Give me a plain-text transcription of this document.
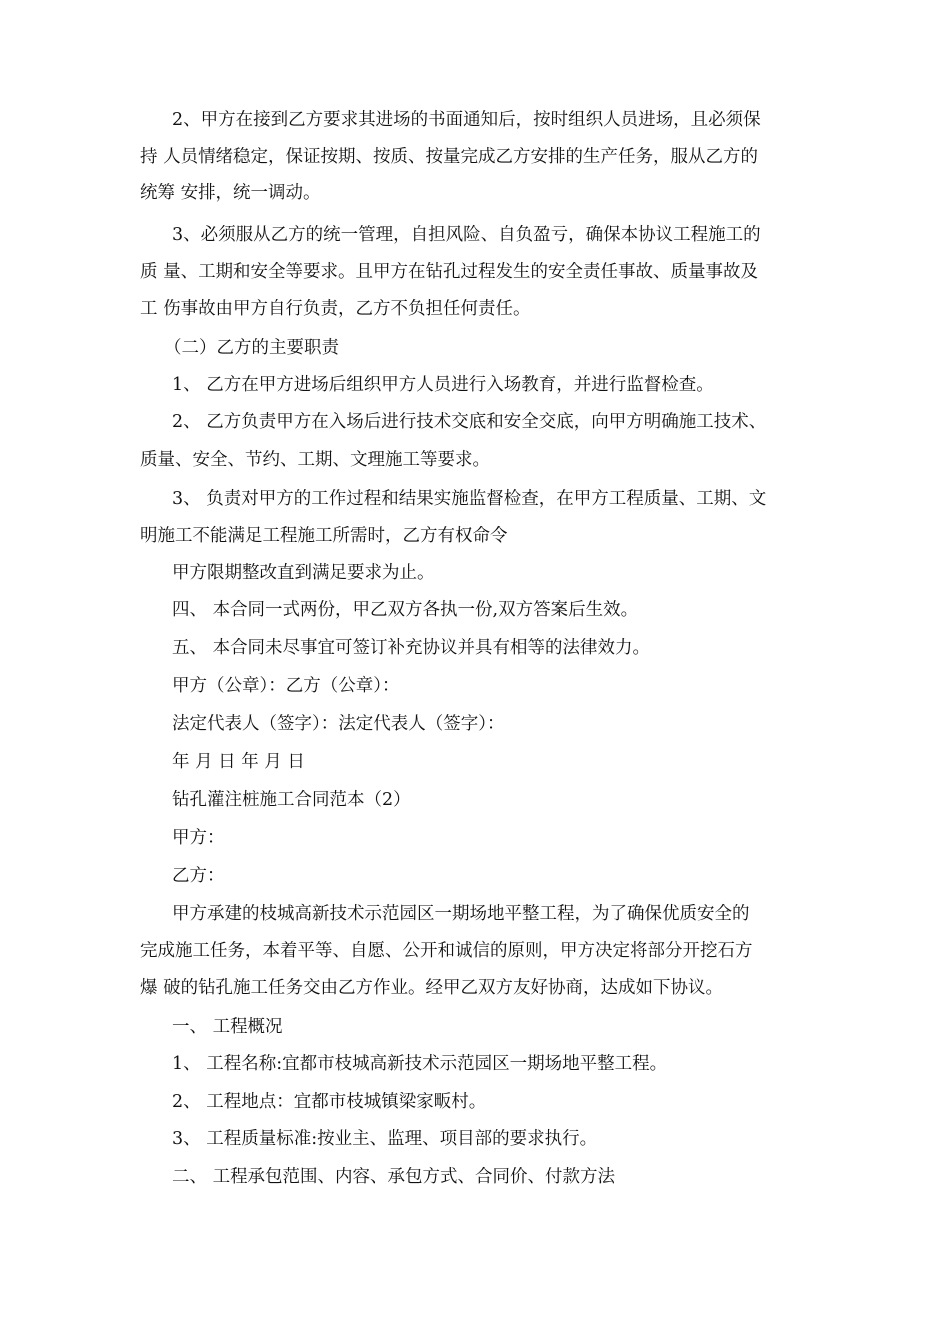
2、甲方在接到乙方要求其进场的书面通知后，按时组织人员进场，且必须保
持 人员情绪稳定，保证按期、按质、按量完成乙方安排的生产任务，服从乙方的
统筹 安排，统一调动。
3、必须服从乙方的统一管理，自担风险、自负盈亏，确保本协议工程施工的
质 量、工期和安全等要求。且甲方在钻孔过程发生的安全责任事故、质量事故及
工 伤事故由甲方自行负责，乙方不负担任何责任。
（二）乙方的主要职责
1、 乙方在甲方进场后组织甲方人员进行入场教育，并进行监督检查。
2、 乙方负责甲方在入场后进行技术交底和安全交底，向甲方明确施工技术、
质量、安全、节约、工期、文理施工等要求。
3、 负责对甲方的工作过程和结果实施监督检查，在甲方工程质量、工期、文
明施工不能满足工程施工所需时，乙方有权命令
甲方限期整改直到满足要求为止。
四、 本合同一式两份，甲乙双方各执一份,双方答案后生效。
五、 本合同未尽事宜可签订补充协议并具有相等的法律效力。
甲方（公章）：乙方（公章）：
法定代表人（签字）：法定代表人（签字）：
年 月 日 年 月 日
钻孔灌注桩施工合同范本（2）
甲方：
乙方：
甲方承建的枝城高新技术示范园区一期场地平整工程，为了确保优质安全的
完成施工任务，本着平等、自愿、公开和诚信的原则，甲方决定将部分开挖石方
爆 破的钻孔施工任务交由乙方作业。经甲乙双方友好协商，达成如下协议。
一、 工程概况
1、 工程名称:宜都市枝城高新技术示范园区一期场地平整工程。
2、 工程地点：宜都市枝城镇梁家畈村。
3、 工程质量标准:按业主、监理、项目部的要求执行。
二、 工程承包范围、内容、承包方式、合同价、付款方法
